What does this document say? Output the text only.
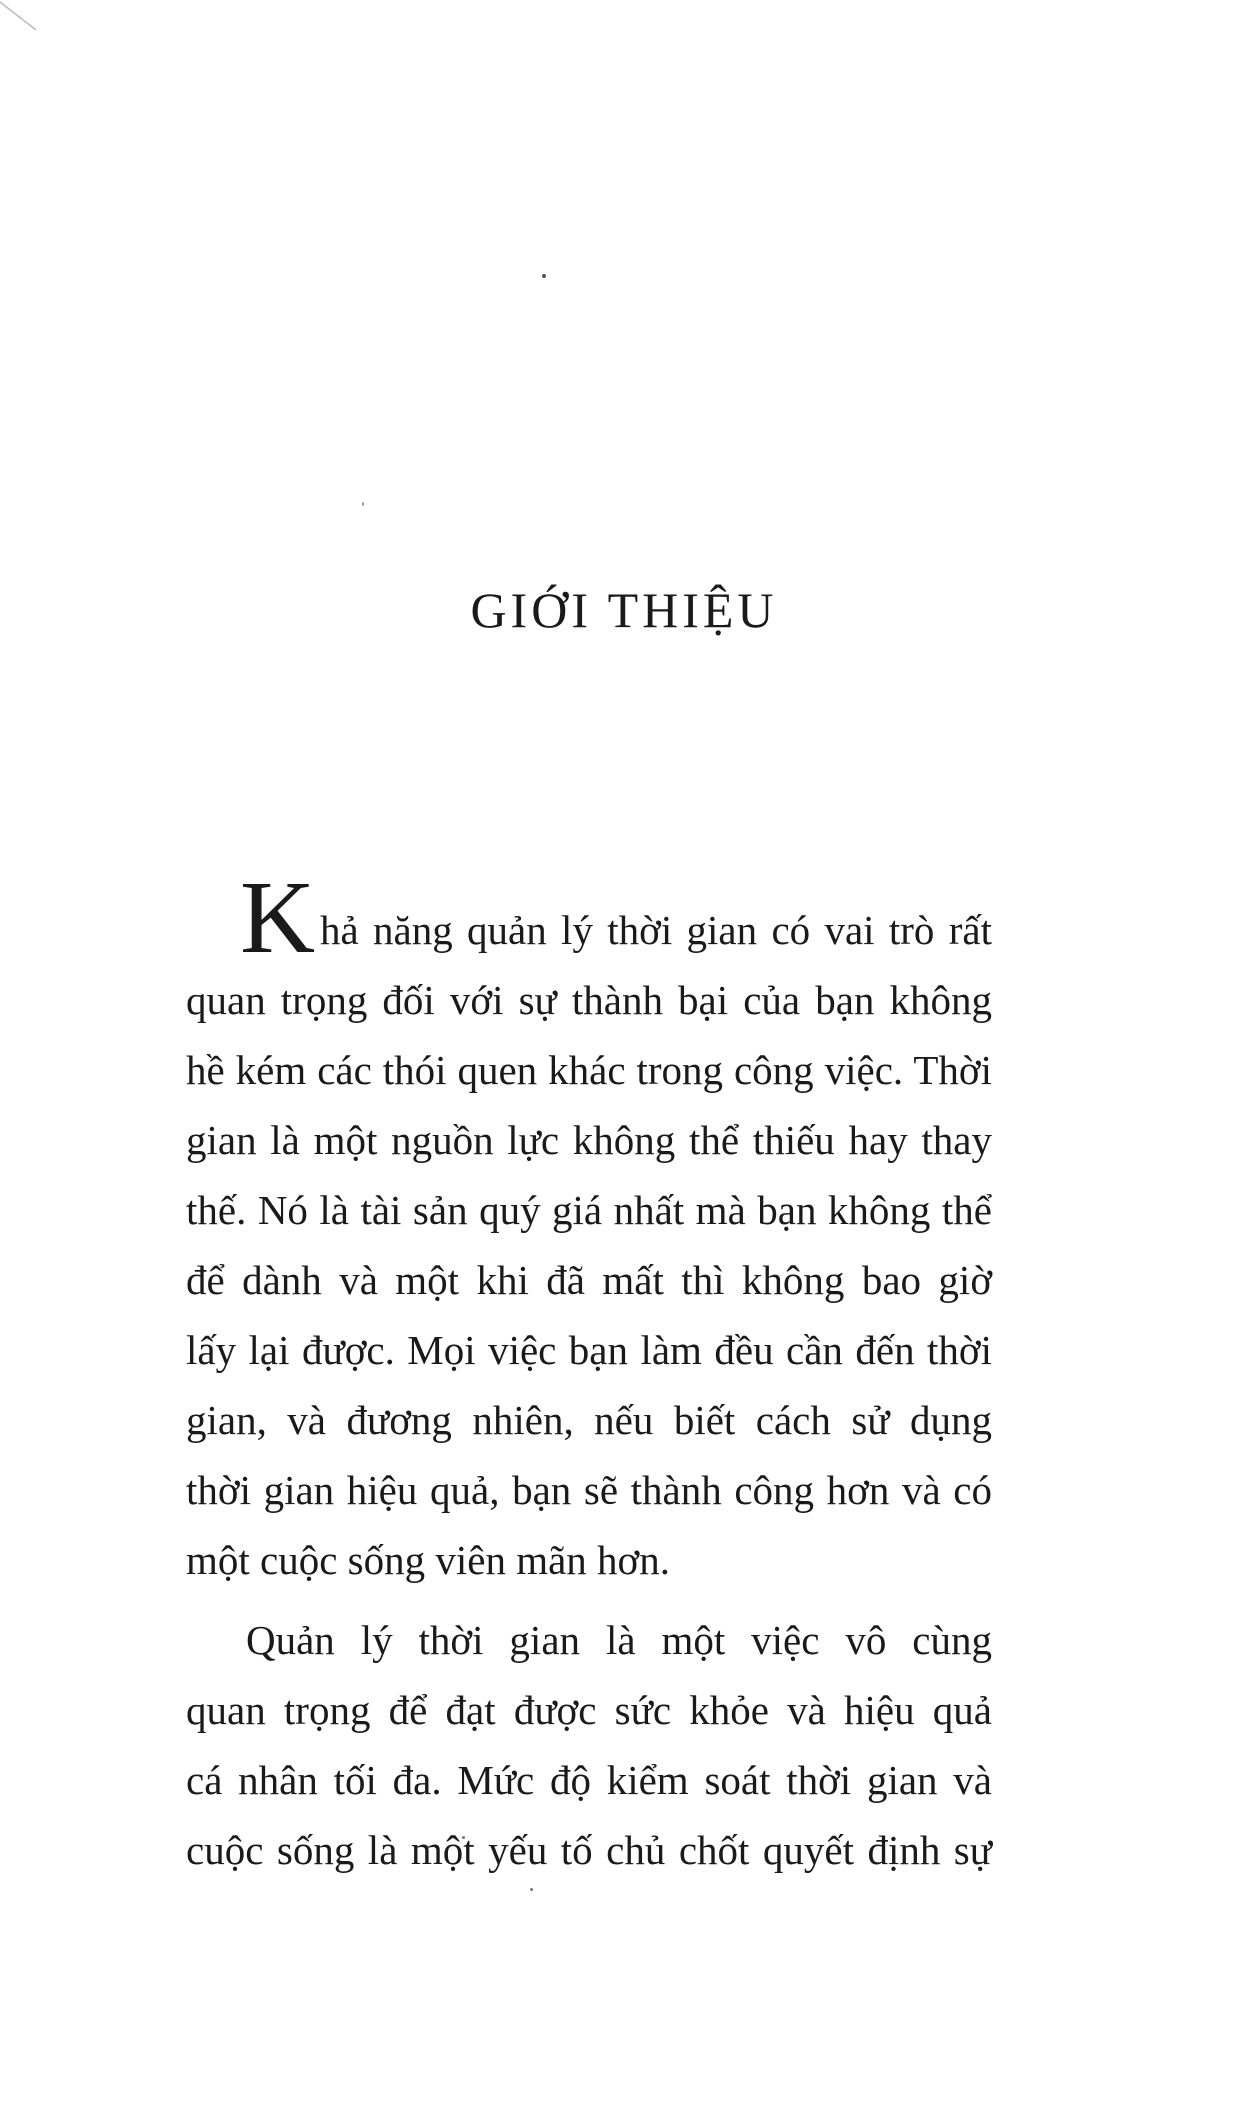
GIỚI THIỆU
K hả năng quản lý thời gian có vai trò rất
quan trọng đối với sự thành bại của bạn không
hề kém các thói quen khác trong công việc. Thời
gian là một nguồn lực không thể thiếu hay thay
thế. Nó là tài sản quý giá nhất mà bạn không thể
để dành và một khi đã mất thì không bao giờ
lấy lại được. Mọi việc bạn làm đều cần đến thời
gian, và đương nhiên, nếu biết cách sử dụng
thời gian hiệu quả, bạn sẽ thành công hơn và có
một cuộc sống viên mãn hơn.
Quản lý thời gian là một việc vô cùng
quan trọng để đạt được sức khỏe và hiệu quả
cá nhân tối đa. Mức độ kiểm soát thời gian và
cuộc sống là một yếu tố chủ chốt quyết định sự
